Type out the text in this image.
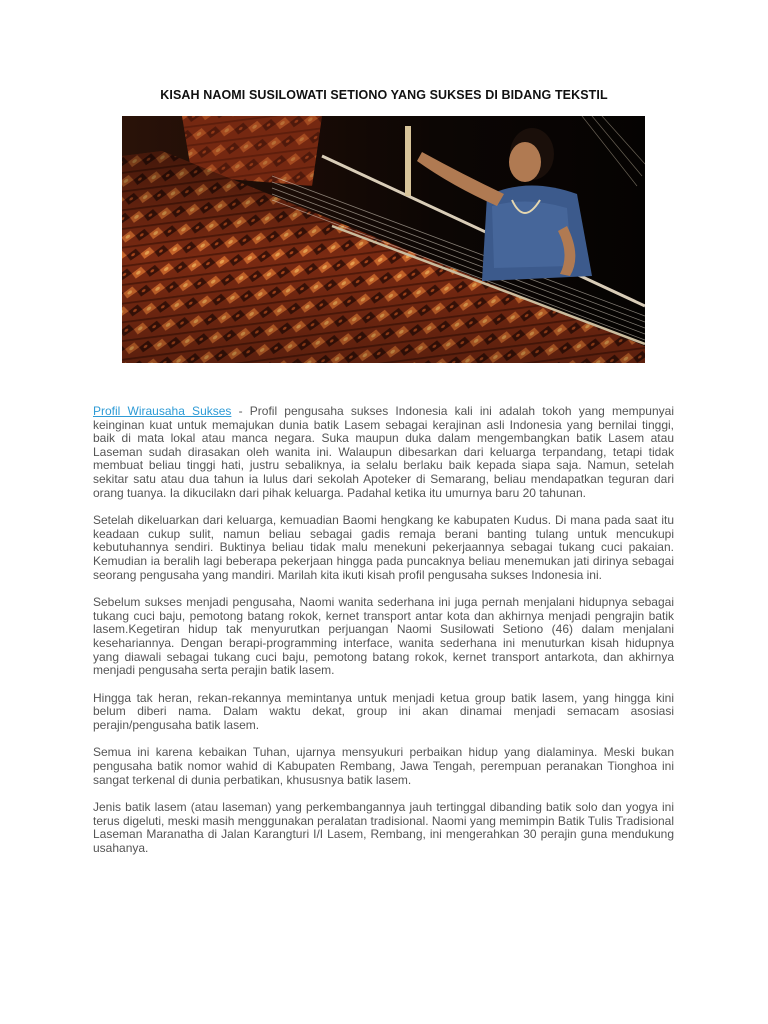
KISAH NAOMI SUSILOWATI SETIONO YANG SUKSES DI BIDANG TEKSTIL

Profil Wirausaha Sukses - Profil pengusaha sukses Indonesia kali ini adalah tokoh yang mempunyai keinginan kuat untuk memajukan dunia batik Lasem sebagai kerajinan asli Indonesia yang bernilai tinggi, baik di mata lokal atau manca negara. Suka maupun duka dalam mengembangkan batik Lasem atau Laseman sudah dirasakan oleh wanita ini. Walaupun dibesarkan dari keluarga terpandang, tetapi tidak membuat beliau tinggi hati, justru sebaliknya, ia selalu berlaku baik kepada siapa saja. Namun, setelah sekitar satu atau dua tahun ia lulus dari sekolah Apoteker di Semarang, beliau mendapatkan teguran dari orang tuanya. Ia dikucilakn dari pihak keluarga. Padahal ketika itu umurnya baru 20 tahunan.

Setelah dikeluarkan dari keluarga, kemuadian Baomi hengkang ke kabupaten Kudus. Di mana pada saat itu keadaan cukup sulit, namun beliau sebagai gadis remaja berani banting tulang untuk mencukupi kebutuhannya sendiri. Buktinya beliau tidak malu menekuni pekerjaannya sebagai tukang cuci pakaian. Kemudian ia beralih lagi beberapa pekerjaan hingga pada puncaknya beliau menemukan jati dirinya sebagai seorang pengusaha yang mandiri. Marilah kita ikuti kisah profil pengusaha sukses Indonesia ini.

Sebelum sukses menjadi pengusaha, Naomi wanita sederhana ini juga pernah menjalani hidupnya sebagai tukang cuci baju, pemotong batang rokok, kernet transport antar kota dan akhirnya menjadi pengrajin batik lasem.Kegetiran hidup tak menyurutkan perjuangan Naomi Susilowati Setiono (46) dalam menjalani kesehariannya. Dengan berapi-programming interface, wanita sederhana ini menuturkan kisah hidupnya yang diawali sebagai tukang cuci baju, pemotong batang rokok, kernet transport antarkota, dan akhirnya menjadi pengusaha serta perajin batik lasem.

Hingga tak heran, rekan-rekannya memintanya untuk menjadi ketua group batik lasem, yang hingga kini belum diberi nama. Dalam waktu dekat, group ini akan dinamai menjadi semacam asosiasi perajin/pengusaha batik lasem.

Semua ini karena kebaikan Tuhan, ujarnya mensyukuri perbaikan hidup yang dialaminya. Meski bukan pengusaha batik nomor wahid di Kabupaten Rembang, Jawa Tengah, perempuan peranakan Tionghoa ini sangat terkenal di dunia perbatikan, khususnya batik lasem.

Jenis batik lasem (atau laseman) yang perkembangannya jauh tertinggal dibanding batik solo dan yogya ini terus digeluti, meski masih menggunakan peralatan tradisional. Naomi yang memimpin Batik Tulis Tradisional Laseman Maranatha di Jalan Karangturi I/I Lasem, Rembang, ini mengerahkan 30 perajin guna mendukung usahanya.
